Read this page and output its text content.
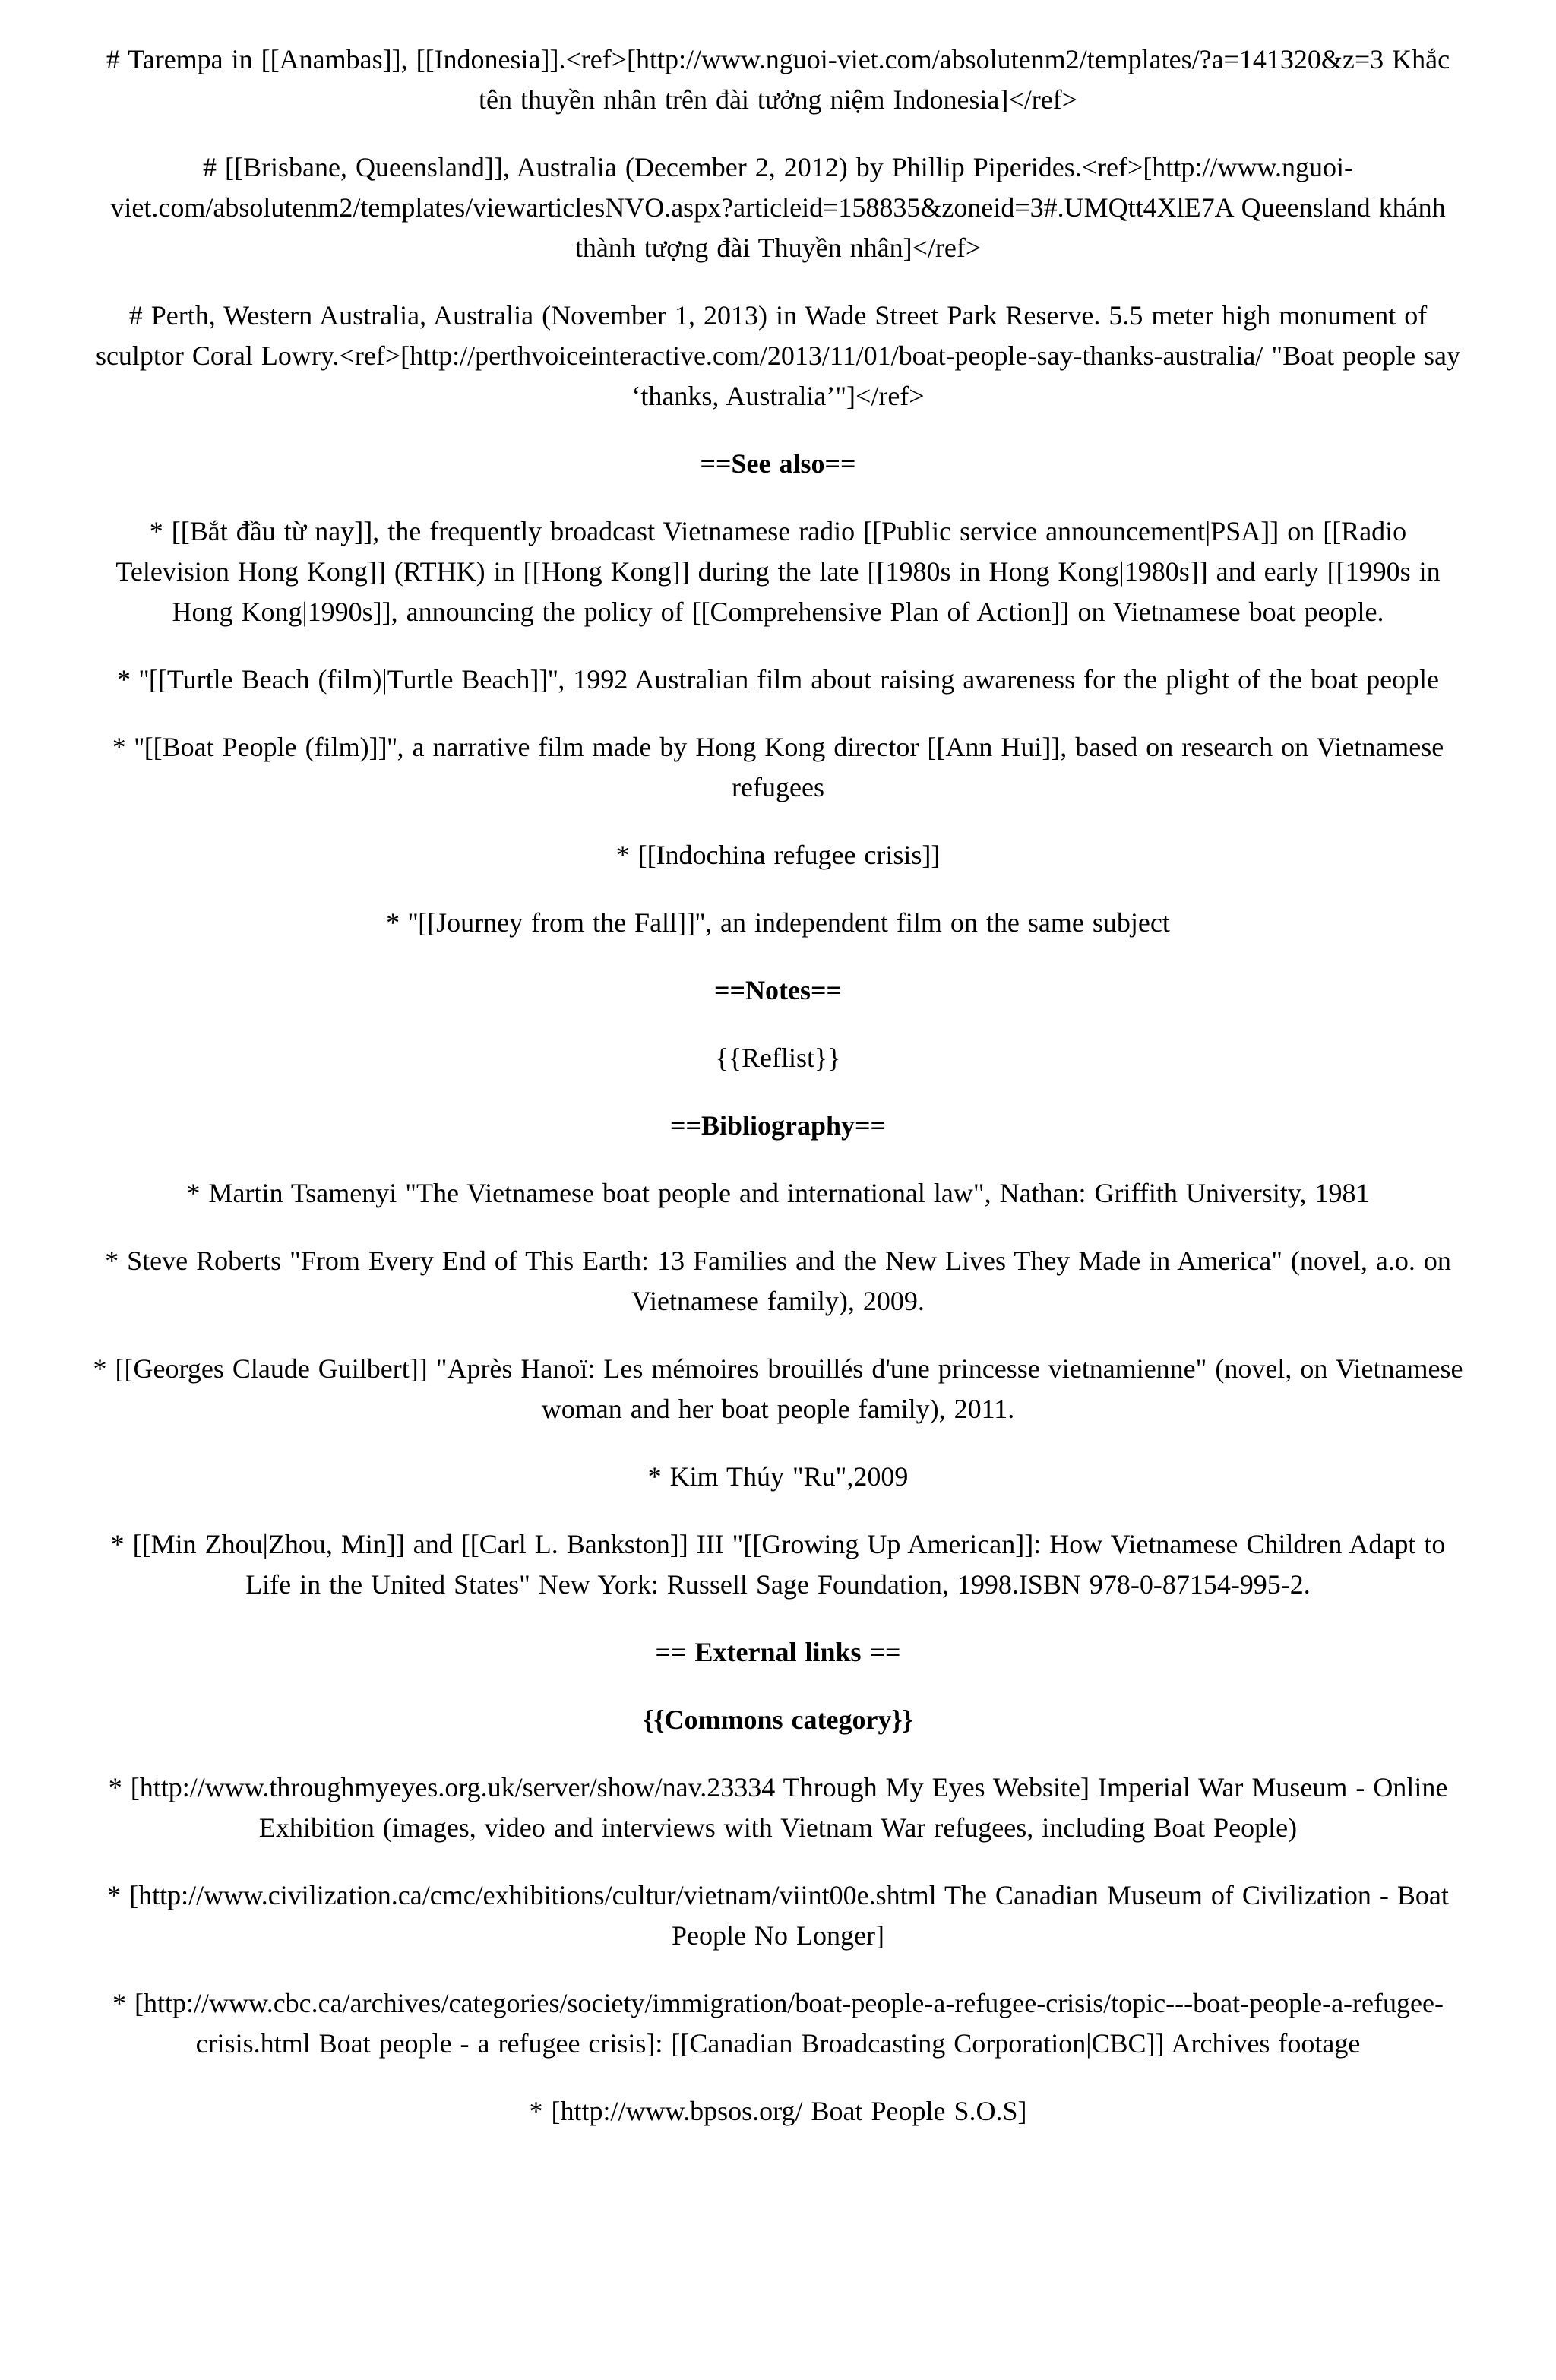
# Tarempa in [[Anambas]], [[Indonesia]].<ref>[http://www.nguoi-viet.com/absolutenm2/templates/?a=141320&z=3 Khắc tên thuyền nhân trên đài tưởng niệm Indonesia]</ref>

# [[Brisbane, Queensland]], Australia (December 2, 2012) by Phillip Piperides.<ref>[http://www.nguoi-viet.com/absolutenm2/templates/viewarticlesNVO.aspx?articleid=158835&zoneid=3#.UMQtt4XlE7A Queensland khánh thành tượng đài Thuyền nhân]</ref>

# Perth, Western Australia, Australia (November 1, 2013) in Wade Street Park Reserve. 5.5 meter high monument of sculptor Coral Lowry.<ref>[http://perthvoiceinteractive.com/2013/11/01/boat-people-say-thanks-australia/ "Boat people say ‘thanks, Australia’"]</ref>

==See also==

* [[Bắt đầu từ nay]], the frequently broadcast Vietnamese radio [[Public service announcement|PSA]] on [[Radio Television Hong Kong]] (RTHK) in [[Hong Kong]] during the late [[1980s in Hong Kong|1980s]] and early [[1990s in Hong Kong|1990s]], announcing the policy of [[Comprehensive Plan of Action]] on Vietnamese boat people.

* ''[[Turtle Beach (film)|Turtle Beach]]'', 1992 Australian film about raising awareness for the plight of the boat people

* ''[[Boat People (film)]]'', a narrative film made by Hong Kong director [[Ann Hui]], based on research on Vietnamese refugees

* [[Indochina refugee crisis]]

* ''[[Journey from the Fall]]'', an independent film on the same subject

==Notes==

{{Reflist}}

==Bibliography==

* Martin Tsamenyi "The Vietnamese boat people and international law", Nathan: Griffith University, 1981

* Steve Roberts "From Every End of This Earth: 13 Families and the New Lives They Made in America" (novel, a.o. on Vietnamese family), 2009.

* [[Georges Claude Guilbert]] "Après Hanoï: Les mémoires brouillés d'une princesse vietnamienne" (novel, on Vietnamese woman and her boat people family), 2011.

* Kim Thúy "Ru",2009

* [[Min Zhou|Zhou, Min]] and [[Carl L. Bankston]] III "[[Growing Up American]]: How Vietnamese Children Adapt to Life in the United States" New York: Russell Sage Foundation, 1998.ISBN 978-0-87154-995-2.

== External links ==

{{Commons category}}

* [http://www.throughmyeyes.org.uk/server/show/nav.23334 Through My Eyes Website] Imperial War Museum - Online Exhibition (images, video and interviews with Vietnam War refugees, including Boat People)

* [http://www.civilization.ca/cmc/exhibitions/cultur/vietnam/viint00e.shtml The Canadian Museum of Civilization - Boat People No Longer]

* [http://www.cbc.ca/archives/categories/society/immigration/boat-people-a-refugee-crisis/topic---boat-people-a-refugee-crisis.html Boat people - a refugee crisis]: [[Canadian Broadcasting Corporation|CBC]] Archives footage

* [http://www.bpsos.org/ Boat People S.O.S]
